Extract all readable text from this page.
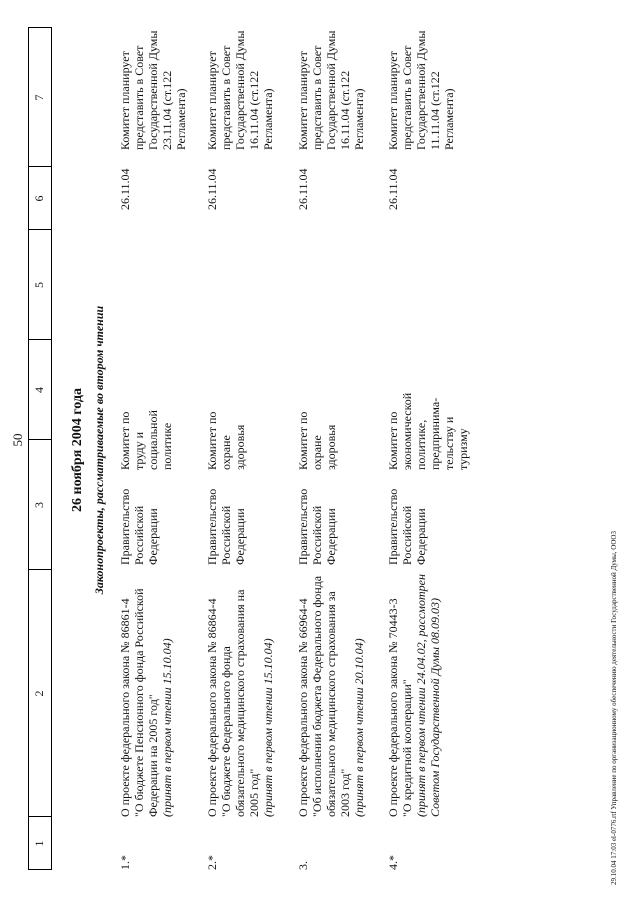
50
1
2
3
4
5
6
7
26 ноября 2004 года Законопроекты, рассматриваемые во втором чтении
1.*
О проекте федерального закона № 86861-4
"О бюджете Пенсионного фонда Российской Федерации на 2005 год"
(принят в первом чтении 15.10.04)
Правительство Российской Федерации
Комитет по труду и социальной политике
26.11.04
Комитет планирует представить в Совет Государственной Думы 23.11.04 (ст.122 Регламента)
2.*
О проекте федерального закона № 86864-4
"О бюджете Федерального фонда обязательного медицинского страхования на 2005 год"
(принят в первом чтении 15.10.04)
Правительство Российской Федерации
Комитет по охране здоровья
26.11.04
Комитет планирует представить в Совет Государственной Думы 16.11.04 (ст.122 Регламента)
3.
О проекте федерального закона № 66964-4
"Об исполнении бюджета Федерального фонда обязательного медицинского страхования за 2003 год"
(принят в первом чтении 20.10.04)
Правительство Российской Федерации
Комитет по охране здоровья
26.11.04
Комитет планирует представить в Совет Государственной Думы 16.11.04 (ст.122 Регламента)
4.*
О проекте федерального закона № 70443-3
"О кредитной кооперации"
(принят в первом чтении 24.04.02, рассмотрен Советом Государственной Думы 08.09.03)
Правительство Российской Федерации
Комитет по экономической политике, предпринима-тельству и туризму
26.11.04
Комитет планирует представить в Совет Государственной Думы 11.11.04 (ст.122 Регламента)
29.10.04 17:03 el-0776.rtf Управление по организационному обеспечению деятельности Государственной Думы, ООО3
